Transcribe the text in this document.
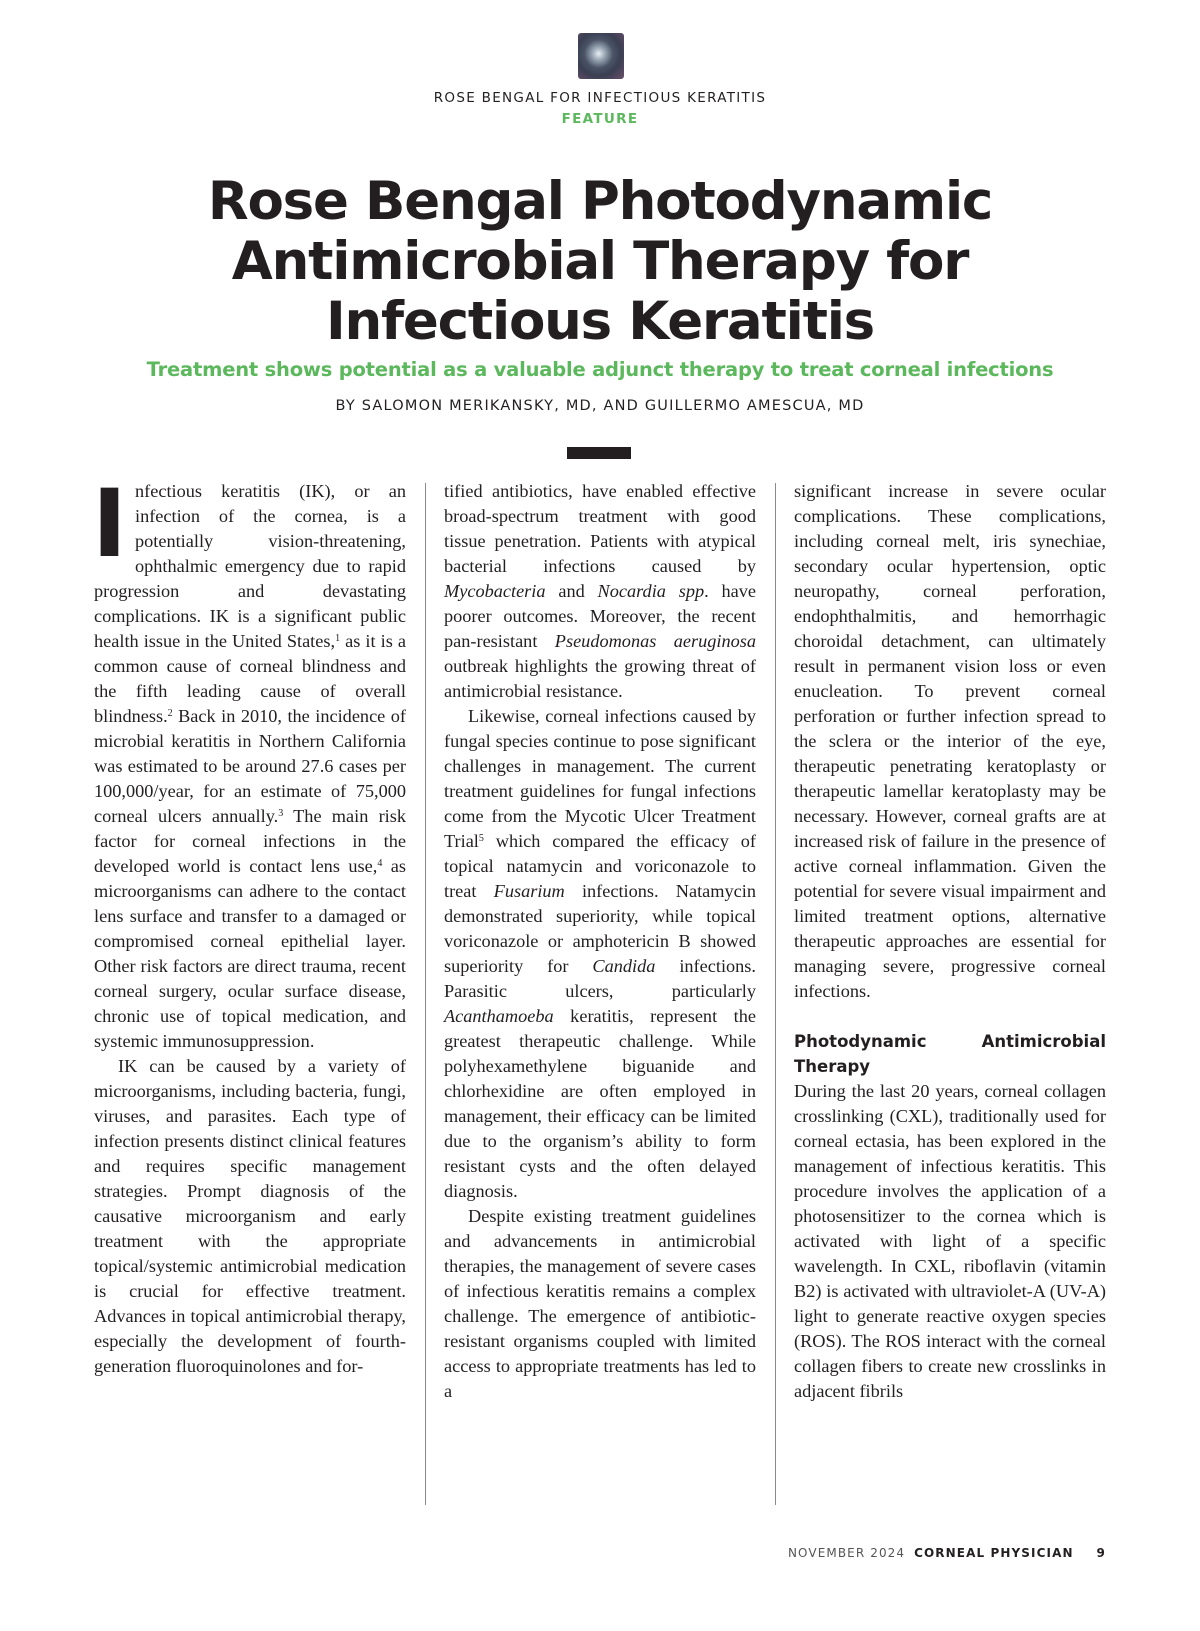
ROSE BENGAL FOR INFECTIOUS KERATITIS
FEATURE
Rose Bengal Photodynamic Antimicrobial Therapy for Infectious Keratitis
Treatment shows potential as a valuable adjunct therapy to treat corneal infections
BY SALOMON MERIKANSKY, MD, AND GUILLERMO AMESCUA, MD

Infectious keratitis (IK), or an infection of the cornea, is a potentially vision-threatening, ophthalmic emergency due to rapid progression and devastating complications. IK is a significant public health issue in the United States,$^1$ as it is a common cause of corneal blindness and the fifth leading cause of overall blindness.$^2$ Back in 2010, the incidence of microbial keratitis in Northern California was estimated to be around 27.6 cases per 100,000/year, for an estimate of 75,000 corneal ulcers annually.$^3$ The main risk factor for corneal infections in the developed world is contact lens use,$^4$ as microorganisms can adhere to the contact lens surface and transfer to a damaged or compromised corneal epithelial layer. Other risk factors are direct trauma, recent corneal surgery, ocular surface disease, chronic use of topical medication, and systemic immunosuppression.

IK can be caused by a variety of microorganisms, including bacteria, fungi, viruses, and parasites. Each type of infection presents distinct clinical features and requires specific management strategies. Prompt diagnosis of the causative microorganism and early treatment with the appropriate topical/systemic antimicrobial medication is crucial for effective treatment. Advances in topical antimicrobial therapy, especially the development of fourth-generation fluoroquinolones and for-

tified antibiotics, have enabled effective broad-spectrum treatment with good tissue penetration. Patients with atypical bacterial infections caused by Mycobacteria and Nocardia spp. have poorer outcomes. Moreover, the recent pan-resistant Pseudomonas aeruginosa outbreak highlights the growing threat of antimicrobial resistance.

Likewise, corneal infections caused by fungal species continue to pose significant challenges in management. The current treatment guidelines for fungal infections come from the Mycotic Ulcer Treatment Trial$^5$ which compared the efficacy of topical natamycin and voriconazole to treat Fusarium infections. Natamycin demonstrated superiority, while topical voriconazole or amphotericin B showed superiority for Candida infections. Parasitic ulcers, particularly Acanthamoeba keratitis, represent the greatest therapeutic challenge. While polyhexamethylene biguanide and chlorhexidine are often employed in management, their efficacy can be limited due to the organism’s ability to form resistant cysts and the often delayed diagnosis.

Despite existing treatment guidelines and advancements in antimicrobial therapies, the management of severe cases of infectious keratitis remains a complex challenge. The emergence of antibiotic-resistant organisms coupled with limited access to appropriate treatments has led to a

significant increase in severe ocular complications. These complications, including corneal melt, iris synechiae, secondary ocular hypertension, optic neuropathy, corneal perforation, endophthalmitis, and hemorrhagic choroidal detachment, can ultimately result in permanent vision loss or even enucleation. To prevent corneal perforation or further infection spread to the sclera or the interior of the eye, therapeutic penetrating keratoplasty or therapeutic lamellar keratoplasty may be necessary. However, corneal grafts are at increased risk of failure in the presence of active corneal inflammation. Given the potential for severe visual impairment and limited treatment options, alternative therapeutic approaches are essential for managing severe, progressive corneal infections.

Photodynamic Antimicrobial Therapy

During the last 20 years, corneal collagen crosslinking (CXL), traditionally used for corneal ectasia, has been explored in the management of infectious keratitis. This procedure involves the application of a photosensitizer to the cornea which is activated with light of a specific wavelength. In CXL, riboflavin (vitamin B2) is activated with ultraviolet-A (UV-A) light to generate reactive oxygen species (ROS). The ROS interact with the corneal collagen fibers to create new crosslinks in adjacent fibrils

NOVEMBER 2024 CORNEAL PHYSICIAN 9
